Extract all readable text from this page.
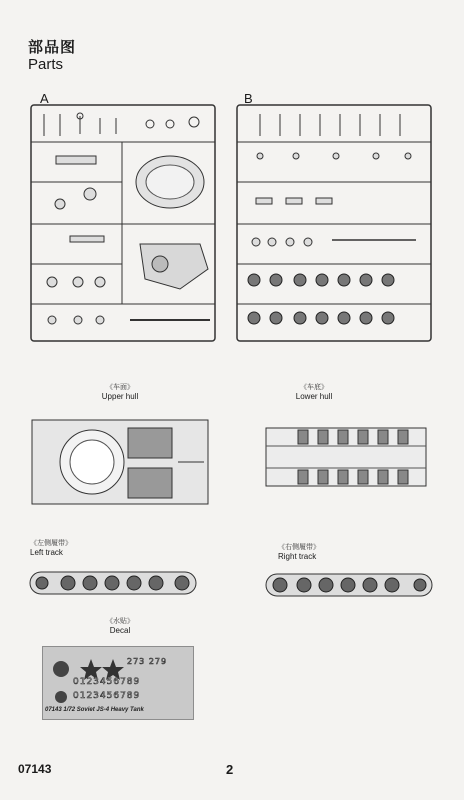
部品图
Parts
A	B
《车面》
Upper hull
《车底》
Lower hull
《左侧履带》
Left track
《右侧履带》
Right track
《水贴》
Decal
273 279
0123456789
0123456789
07143 1/72 Soviet JS-4 Heavy Tank
07143	2
